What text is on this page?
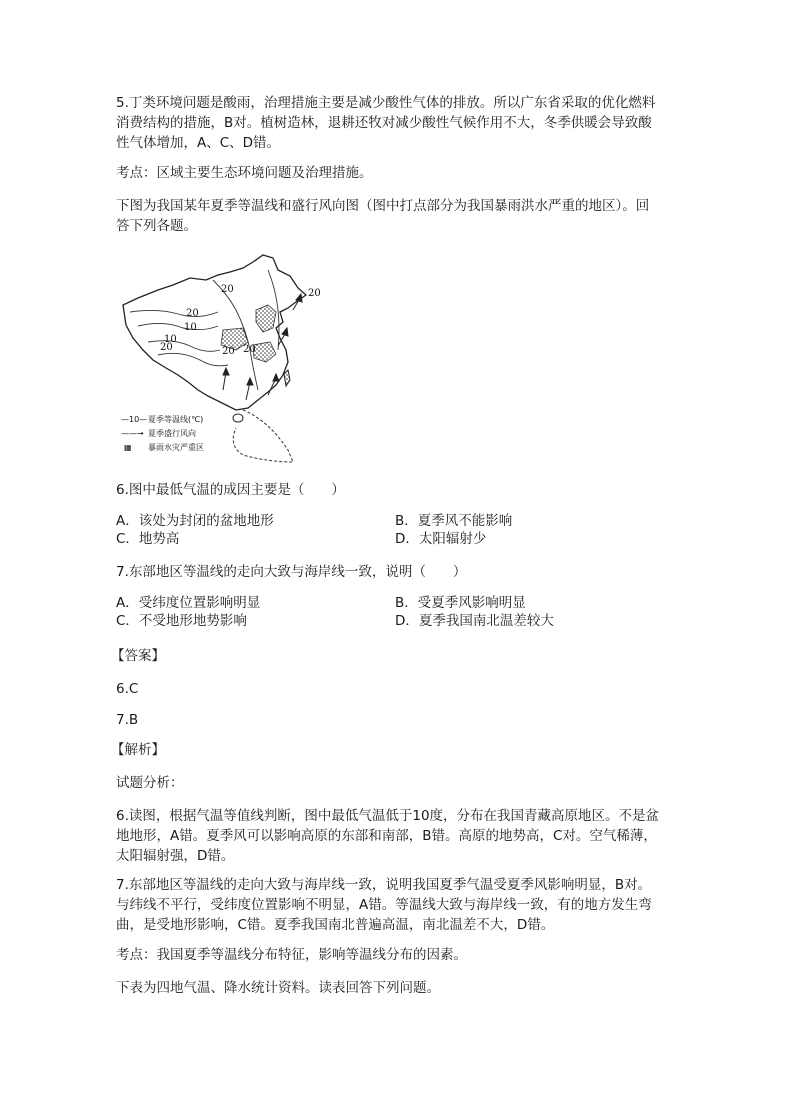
5.丁类环境问题是酸雨，治理措施主要是减少酸性气体的排放。所以广东省采取的优化燃料

消费结构的措施，B对。植树造林，退耕还牧对减少酸性气候作用不大，冬季供暖会导致酸

性气体增加，A、C、D错。

考点：区域主要生态环境问题及治理措施。

下图为我国某年夏季等温线和盛行风向图（图中打点部分为我国暴雨洪水严重的地区）。回

答下列各题。

20	20
20
10
20
10
20 20
—10— 夏季等温线(℃)
——→ 夏季盛行风向
▦ 暴雨水灾严重区

6.图中最低气温的成因主要是（　　）

A．该处为封闭的盆地地形	B．夏季风不能影响

C．地势高	D．太阳辐射少

7.东部地区等温线的走向大致与海岸线一致，说明（　　）

A．受纬度位置影响明显	B．受夏季风影响明显

C．不受地形地势影响	D．夏季我国南北温差较大

【答案】

6.C

7.B

【解析】

试题分析：

6.读图，根据气温等值线判断，图中最低气温低于10度，分布在我国青藏高原地区。不是盆

地地形，A错。夏季风可以影响高原的东部和南部，B错。高原的地势高，C对。空气稀薄，

太阳辐射强，D错。

7.东部地区等温线的走向大致与海岸线一致，说明我国夏季气温受夏季风影响明显，B对。

与纬线不平行，受纬度位置影响不明显，A错。等温线大致与海岸线一致，有的地方发生弯

曲，是受地形影响，C错。夏季我国南北普遍高温，南北温差不大，D错。

考点：我国夏季等温线分布特征，影响等温线分布的因素。

下表为四地气温、降水统计资料。读表回答下列问题。
